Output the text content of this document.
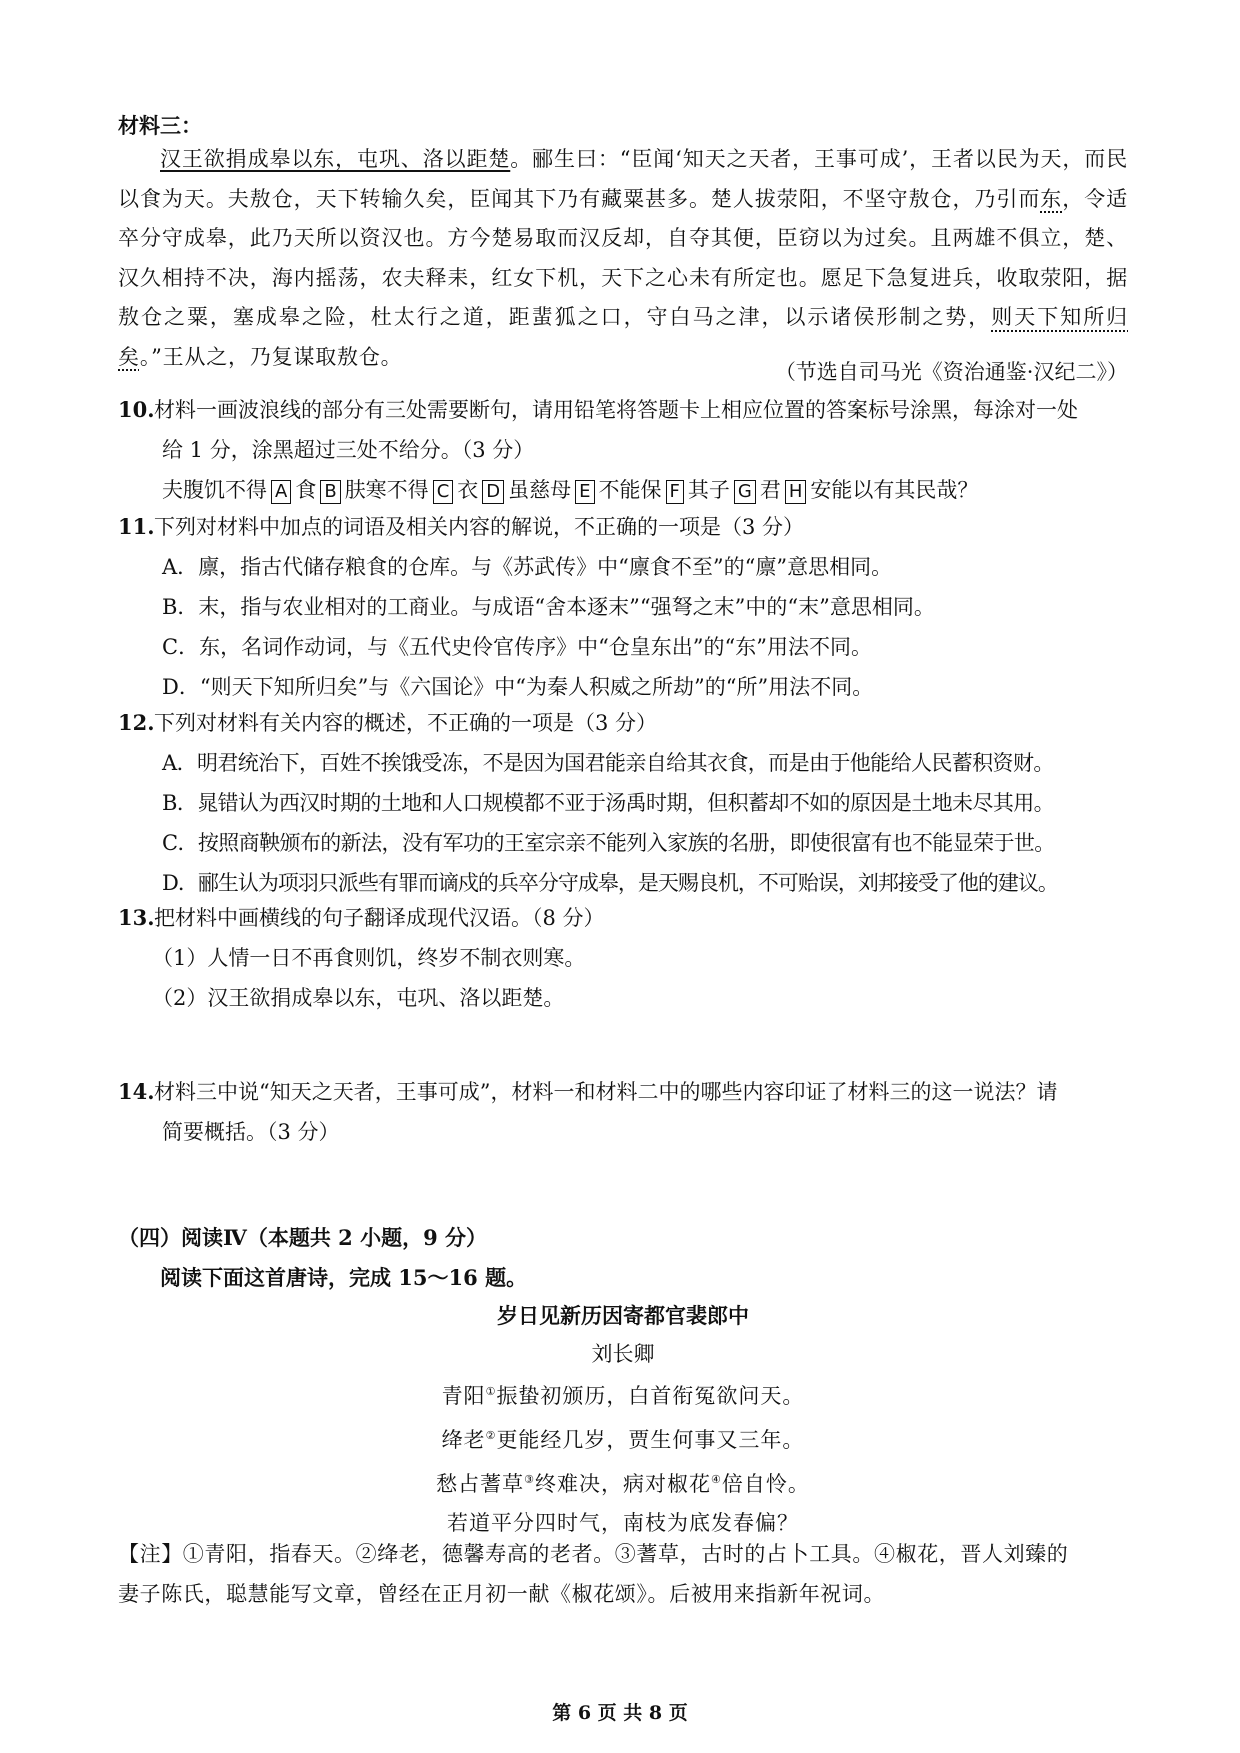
材料三：
汉王欲捐成皋以东，屯巩、洛以距楚。郦生曰：“臣闻‘知天之天者，王事可成’，王者以民为天，而民以食为天。夫敖仓，天下转输久矣，臣闻其下乃有藏粟甚多。楚人拔荥阳，不坚守敖仓，乃引而东，令适卒分守成皋，此乃天所以资汉也。方今楚易取而汉反却，自夺其便，臣窃以为过矣。且两雄不俱立，楚、汉久相持不决，海内摇荡，农夫释耒，红女下机，天下之心未有所定也。愿足下急复进兵，收取荥阳，据敖仓之粟，塞成皋之险，杜太行之道，距蜚狐之口，守白马之津，以示诸侯形制之势，则天下知所归矣。”王从之，乃复谋取敖仓。
（节选自司马光《资治通鉴·汉纪二》）
10.材料一画波浪线的部分有三处需要断句，请用铅笔将答题卡上相应位置的答案标号涂黑，每涂对一处
给 1 分，涂黑超过三处不给分。（3 分）
夫腹饥不得 A 食 B 肤寒不得 C 衣 D 虽慈母 E 不能保 F 其子 G 君 H 安能以有其民哉？
11.下列对材料中加点的词语及相关内容的解说，不正确的一项是（3 分）
A．廪，指古代储存粮食的仓库。与《苏武传》中“廪食不至”的“廪”意思相同。
B．末，指与农业相对的工商业。与成语“舍本逐末”“强弩之末”中的“末”意思相同。
C．东，名词作动词，与《五代史伶官传序》中“仓皇东出”的“东”用法不同。
D．“则天下知所归矣”与《六国论》中“为秦人积威之所劫”的“所”用法不同。
12.下列对材料有关内容的概述，不正确的一项是（3 分）
A．明君统治下，百姓不挨饿受冻，不是因为国君能亲自给其衣食，而是由于他能给人民蓄积资财。
B．晁错认为西汉时期的土地和人口规模都不亚于汤禹时期，但积蓄却不如的原因是土地未尽其用。
C．按照商鞅颁布的新法，没有军功的王室宗亲不能列入家族的名册，即使很富有也不能显荣于世。
D．郦生认为项羽只派些有罪而谪戍的兵卒分守成皋，是天赐良机，不可贻误，刘邦接受了他的建议。
13.把材料中画横线的句子翻译成现代汉语。（8 分）
（1）人情一日不再食则饥，终岁不制衣则寒。
（2）汉王欲捐成皋以东，屯巩、洛以距楚。
14.材料三中说“知天之天者，王事可成”，材料一和材料二中的哪些内容印证了材料三的这一说法？请
简要概括。（3 分）
（四）阅读Ⅳ（本题共 2 小题，9 分）
阅读下面这首唐诗，完成 15～16 题。
岁日见新历因寄都官裴郎中
刘长卿
青阳①振蛰初颁历，白首衔冤欲问天。
绛老②更能经几岁，贾生何事又三年。
愁占蓍草③终难决，病对椒花④倍自怜。
若道平分四时气，南枝为底发春偏？
【注】①青阳，指春天。②绛老，德馨寿高的老者。③蓍草，古时的占卜工具。④椒花，晋人刘臻的
妻子陈氏，聪慧能写文章，曾经在正月初一献《椒花颂》。后被用来指新年祝词。
第 6 页 共 8 页
